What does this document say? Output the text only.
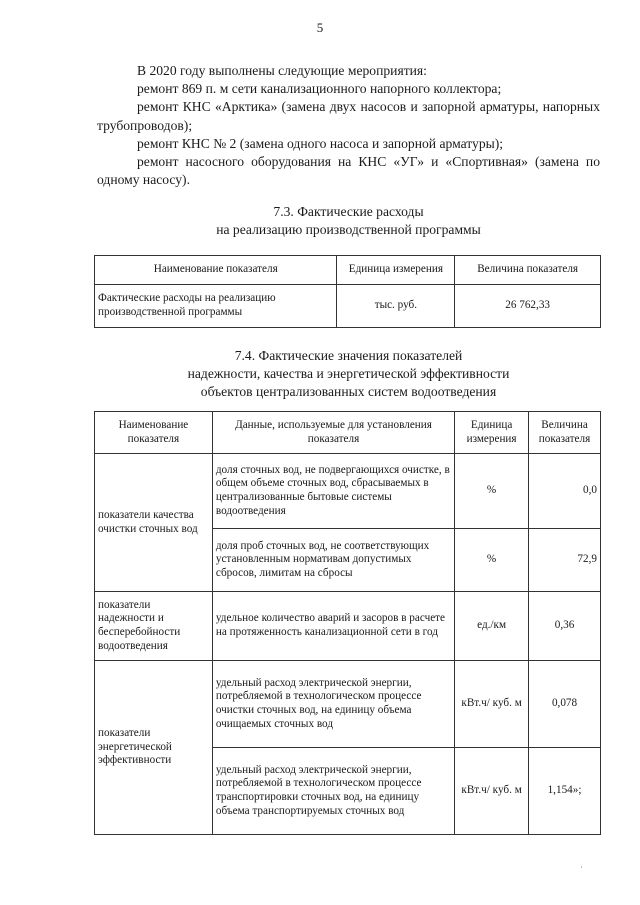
5

В 2020 году выполнены следующие мероприятия:

ремонт 869 п. м сети канализационного напорного коллектора;

ремонт КНС «Арктика» (замена двух насосов и запорной арматуры, напорных трубопроводов);

ремонт КНС № 2 (замена одного насоса и запорной арматуры);

ремонт насосного оборудования на КНС «УГ» и «Спортивная» (замена по одному насосу).

7.3. Фактические расходы
на реализацию производственной программы
Наименование показателя	Единица измерения	Величина показателя
Фактические расходы на реализацию производственной программы	тыс. руб.	26 762,33
7.4. Фактические значения показателей
надежности, качества и энергетической эффективности
объектов централизованных систем водоотведения
Наименование показателя	Данные, используемые для установления показателя	Единица измерения	Величина показателя
показатели качества очистки сточных вод	доля сточных вод, не подвергающихся очистке, в общем объеме сточных вод, сбрасываемых в централизованные бытовые системы водоотведения	%	0,0
	доля проб сточных вод, не соответствующих установленным нормативам допустимых сбросов, лимитам на сбросы	%	72,9
показатели надежности и бесперебойности водоотведения	удельное количество аварий и засоров в расчете на протяженность канализационной сети в год	ед./км	0,36
показатели энергетической эффективности	удельный расход электрической энергии, потребляемой в технологическом процессе очистки сточных вод, на единицу объема очищаемых сточных вод	кВт.ч/ куб. м	0,078
	удельный расход электрической энергии, потребляемой в технологическом процессе транспортировки сточных вод, на единицу объема транспортируемых сточных вод	кВт.ч/ куб. м	1,154»;
·
